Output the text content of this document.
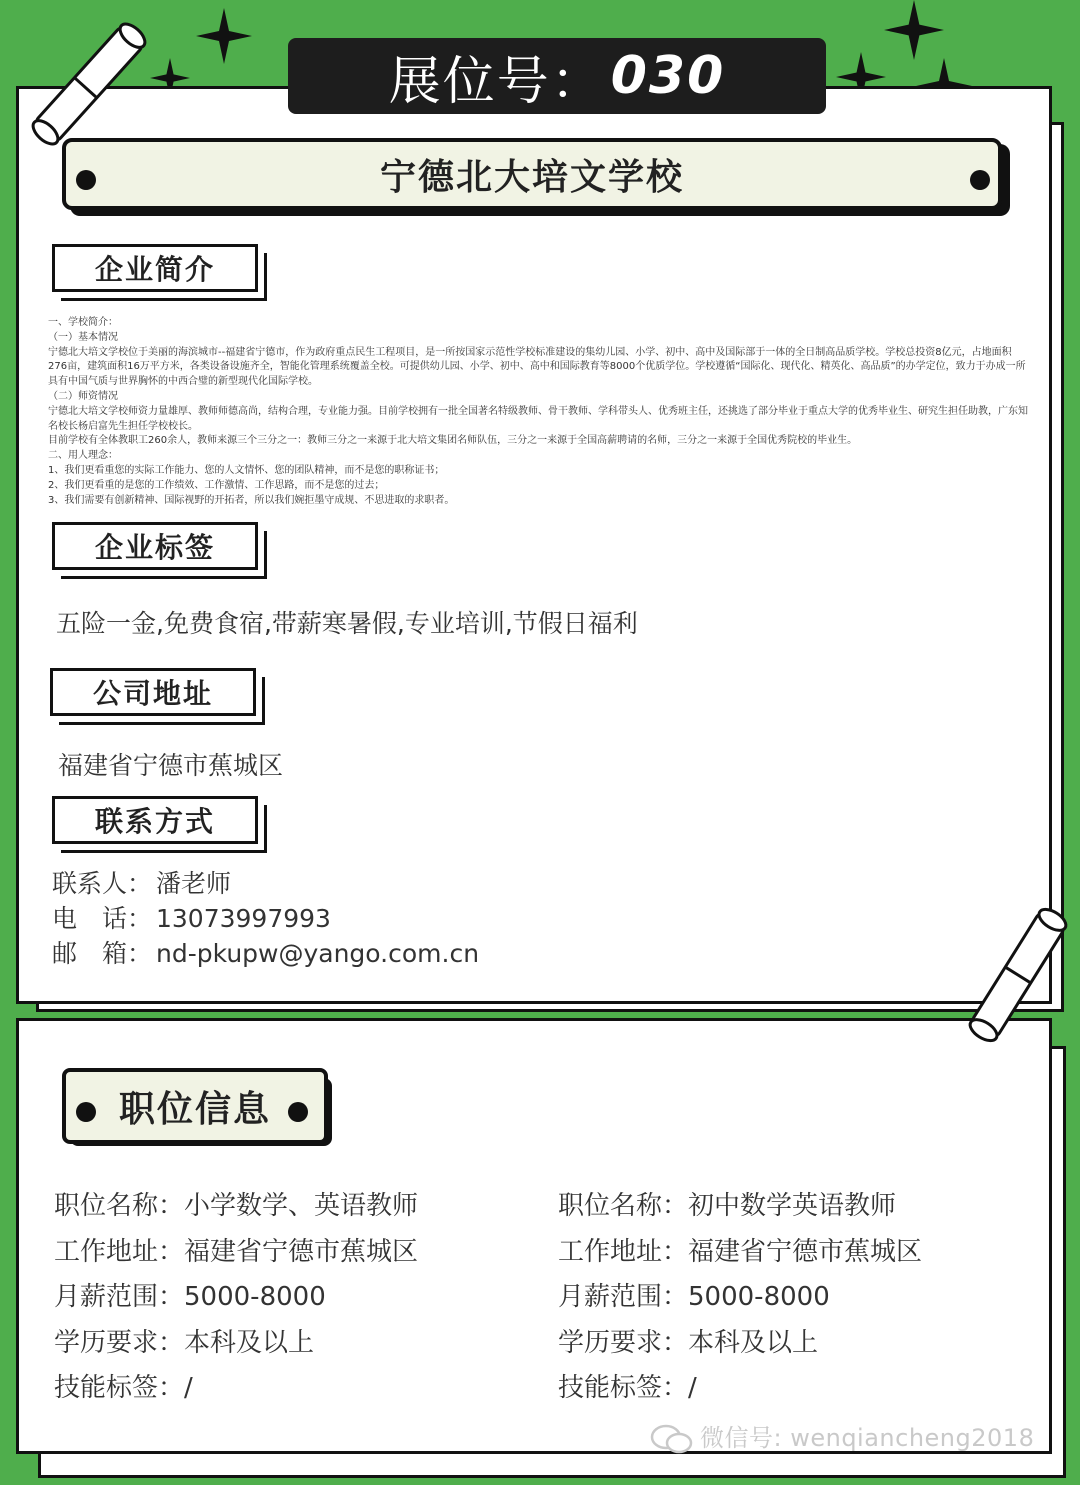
展位号： 030
宁德北大培文学校
企业简介
一、学校简介：
（一）基本情况
宁德北大培文学校位于美丽的海滨城市--福建省宁德市，作为政府重点民生工程项目，是一所按国家示范性学校标准建设的集幼儿园、小学、初中、高中及国际部于一体的全日制高品质学校。学校总投资8亿元，占地面积276亩，建筑面积16万平方米，各类设备设施齐全，智能化管理系统覆盖全校。可提供幼儿园、小学、初中、高中和国际教育等8000个优质学位。学校遵循“国际化、现代化、精英化、高品质”的办学定位，致力于办成一所具有中国气质与世界胸怀的中西合璧的新型现代化国际学校。
（二）师资情况
宁德北大培文学校师资力量雄厚、教师师德高尚，结构合理，专业能力强。目前学校拥有一批全国著名特级教师、骨干教师、学科带头人、优秀班主任，还挑选了部分毕业于重点大学的优秀毕业生、研究生担任助教，广东知名校长杨启富先生担任学校校长。
目前学校有全体教职工260余人，教师来源三个三分之一：教师三分之一来源于北大培文集团名师队伍，三分之一来源于全国高薪聘请的名师，三分之一来源于全国优秀院校的毕业生。
二、用人理念：
1、我们更看重您的实际工作能力、您的人文情怀、您的团队精神，而不是您的职称证书；
2、我们更看重的是您的工作绩效、工作激情、工作思路，而不是您的过去；
3、我们需要有创新精神、国际视野的开拓者，所以我们婉拒墨守成规、不思进取的求职者。
企业标签
五险一金,免费食宿,带薪寒暑假,专业培训,节假日福利
公司地址
福建省宁德市蕉城区
联系方式
联系人： 潘老师
电　话： 13073997993
邮　箱： nd-pkupw@yango.com.cn
职位信息
职位名称：小学数学、英语教师
工作地址：福建省宁德市蕉城区
月薪范围：5000-8000
学历要求：本科及以上
技能标签：/
职位名称：初中数学英语教师
工作地址：福建省宁德市蕉城区
月薪范围：5000-8000
学历要求：本科及以上
技能标签：/
微信号: wenqiancheng2018
